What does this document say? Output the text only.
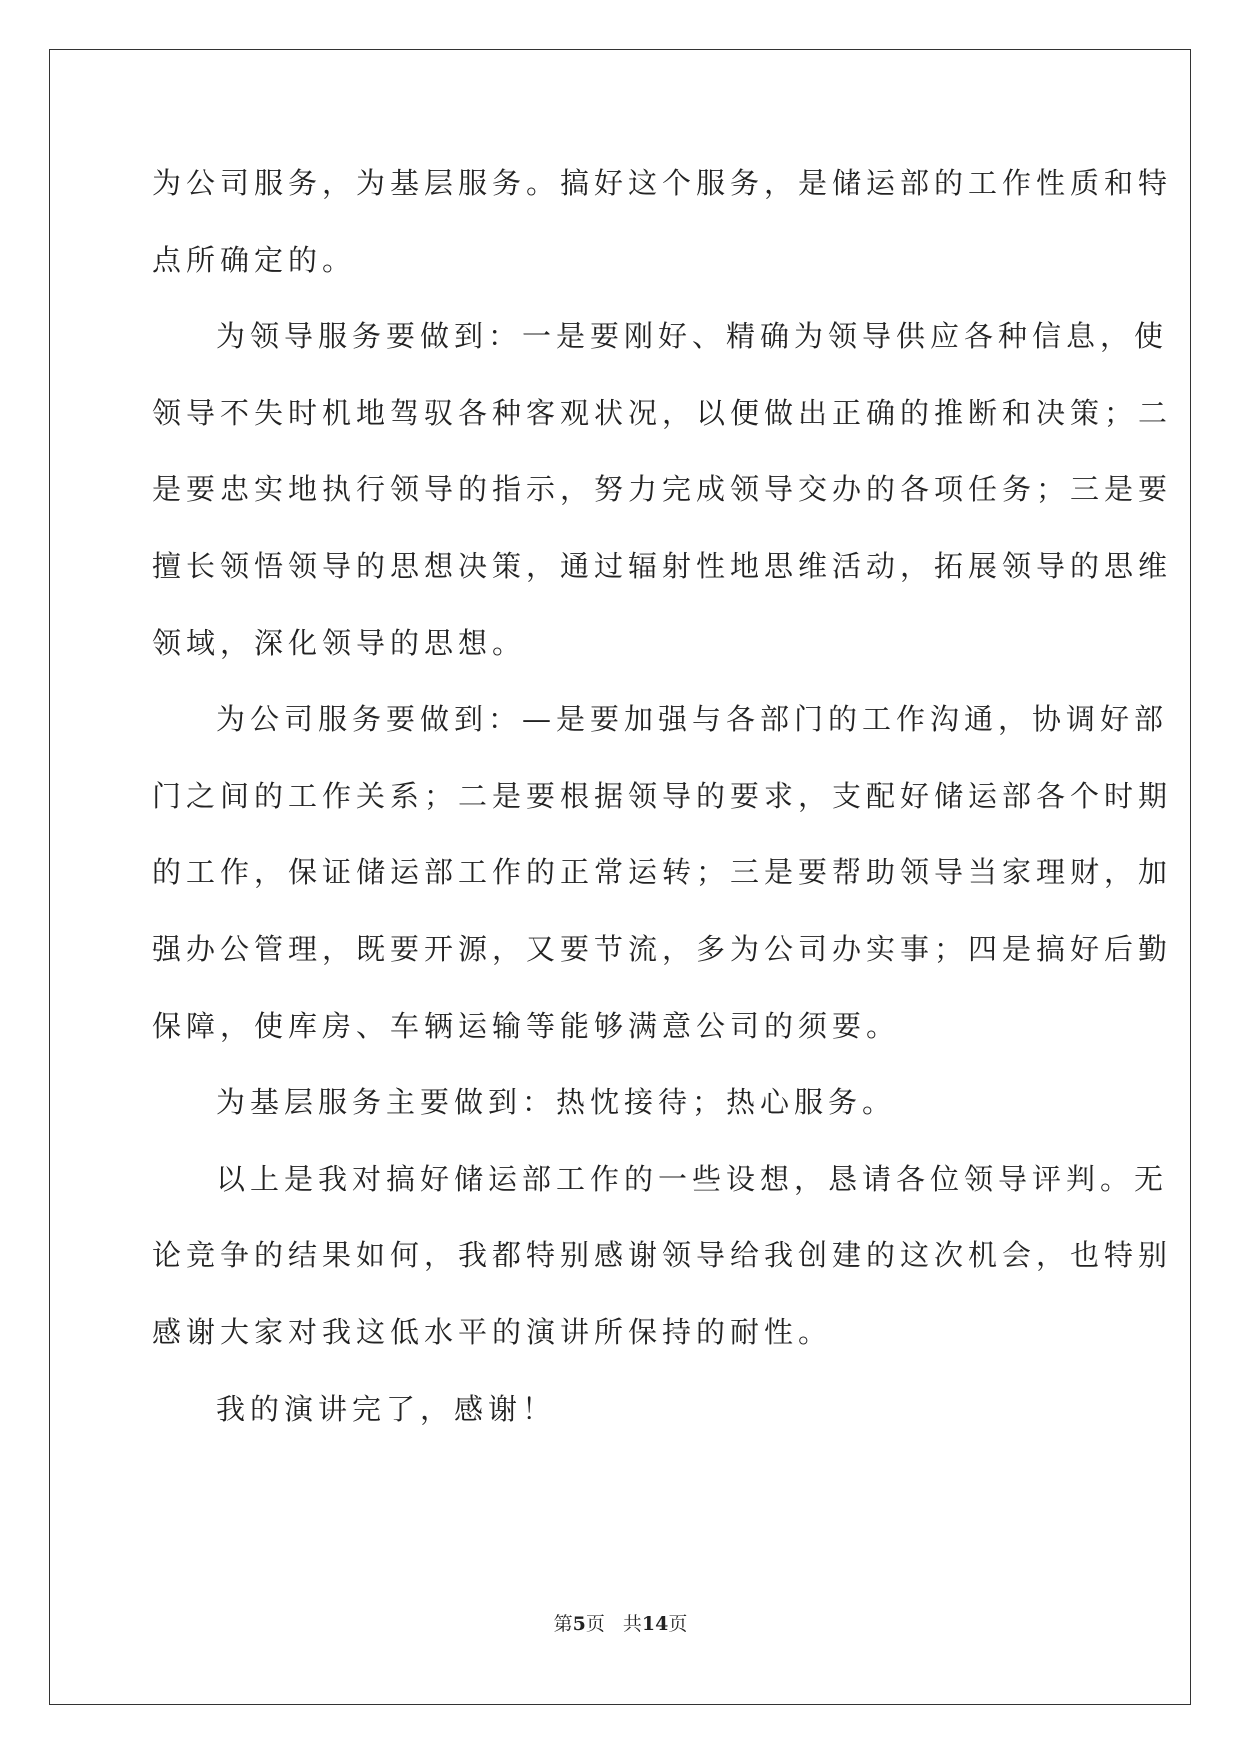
为公司服务，为基层服务。搞好这个服务，是储运部的工作性质和特
点所确定的。
为领导服务要做到：一是要刚好、精确为领导供应各种信息，使
领导不失时机地驾驭各种客观状况，以便做出正确的推断和决策；二
是要忠实地执行领导的指示，努力完成领导交办的各项任务；三是要
擅长领悟领导的思想决策，通过辐射性地思维活动，拓展领导的思维
领域，深化领导的思想。
为公司服务要做到：—是要加强与各部门的工作沟通，协调好部
门之间的工作关系；二是要根据领导的要求，支配好储运部各个时期
的工作，保证储运部工作的正常运转；三是要帮助领导当家理财，加
强办公管理，既要开源，又要节流，多为公司办实事；四是搞好后勤
保障，使库房、车辆运输等能够满意公司的须要。
为基层服务主要做到：热忱接待；热心服务。
以上是我对搞好储运部工作的一些设想，恳请各位领导评判。无
论竞争的结果如何，我都特别感谢领导给我创建的这次机会，也特别
感谢大家对我这低水平的演讲所保持的耐性。
我的演讲完了，感谢！
第5页 共14页
